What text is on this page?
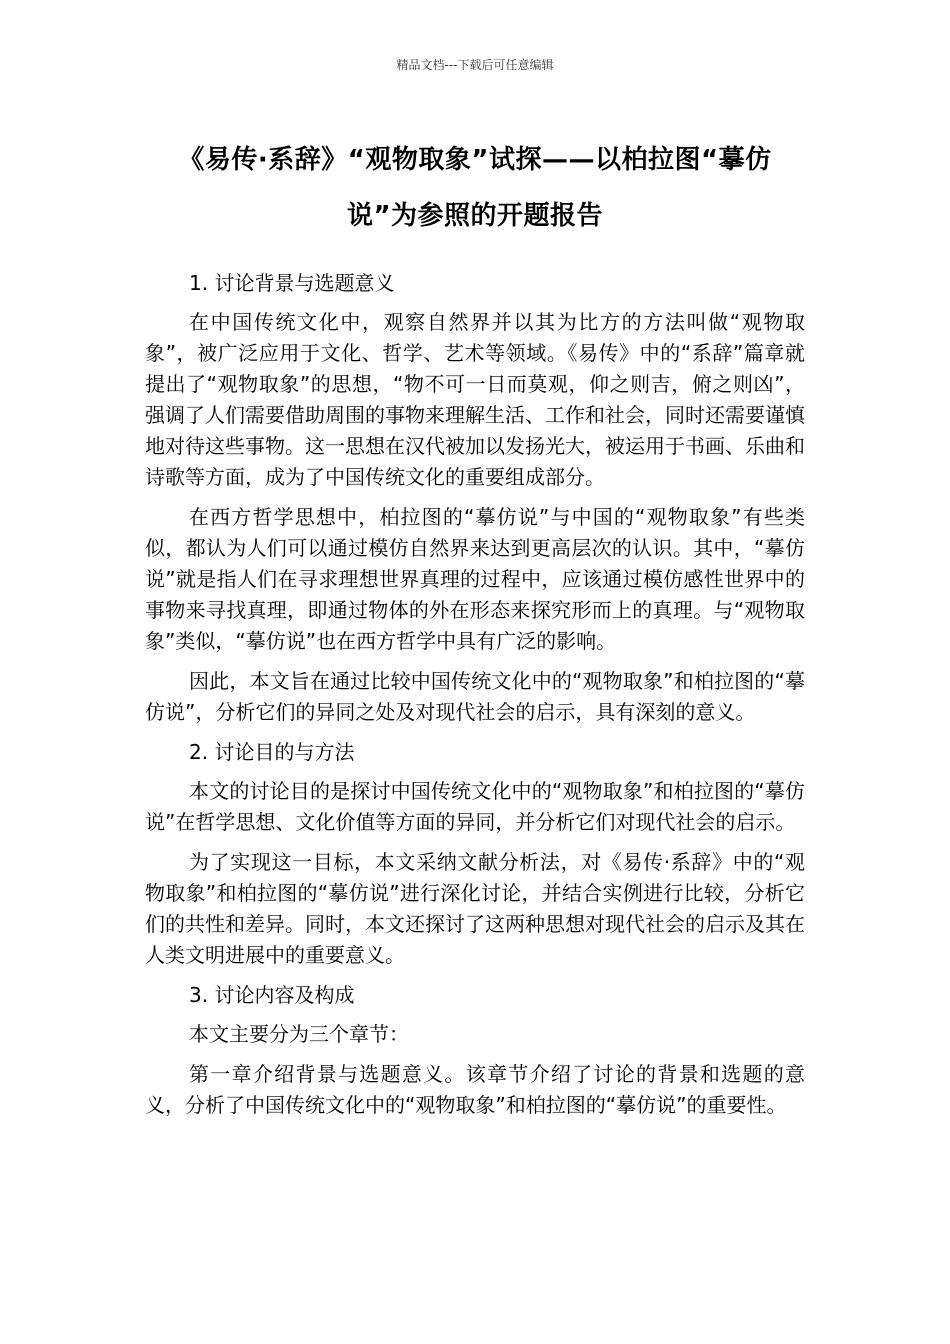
精品文档---下载后可任意编辑
《易传·系辞》“观物取象”试探——以柏拉图“摹仿说”为参照的开题报告

1. 讨论背景与选题意义

在中国传统文化中，观察自然界并以其为比方的方法叫做“观物取象”，被广泛应用于文化、哲学、艺术等领域。《易传》中的“系辞”篇章就提出了“观物取象”的思想，“物不可一日而莫观，仰之则吉，俯之则凶”，强调了人们需要借助周围的事物来理解生活、工作和社会，同时还需要谨慎地对待这些事物。这一思想在汉代被加以发扬光大，被运用于书画、乐曲和诗歌等方面，成为了中国传统文化的重要组成部分。

在西方哲学思想中，柏拉图的“摹仿说”与中国的“观物取象”有些类似，都认为人们可以通过模仿自然界来达到更高层次的认识。其中，“摹仿说”就是指人们在寻求理想世界真理的过程中，应该通过模仿感性世界中的事物来寻找真理，即通过物体的外在形态来探究形而上的真理。与“观物取象”类似，“摹仿说”也在西方哲学中具有广泛的影响。

因此，本文旨在通过比较中国传统文化中的“观物取象”和柏拉图的“摹仿说”，分析它们的异同之处及对现代社会的启示，具有深刻的意义。

2. 讨论目的与方法

本文的讨论目的是探讨中国传统文化中的“观物取象”和柏拉图的“摹仿说”在哲学思想、文化价值等方面的异同，并分析它们对现代社会的启示。

为了实现这一目标，本文采纳文献分析法，对《易传·系辞》中的“观物取象”和柏拉图的“摹仿说”进行深化讨论，并结合实例进行比较，分析它们的共性和差异。同时，本文还探讨了这两种思想对现代社会的启示及其在人类文明进展中的重要意义。

3. 讨论内容及构成

本文主要分为三个章节：

第一章介绍背景与选题意义。该章节介绍了讨论的背景和选题的意义，分析了中国传统文化中的“观物取象”和柏拉图的“摹仿说”的重要性。
